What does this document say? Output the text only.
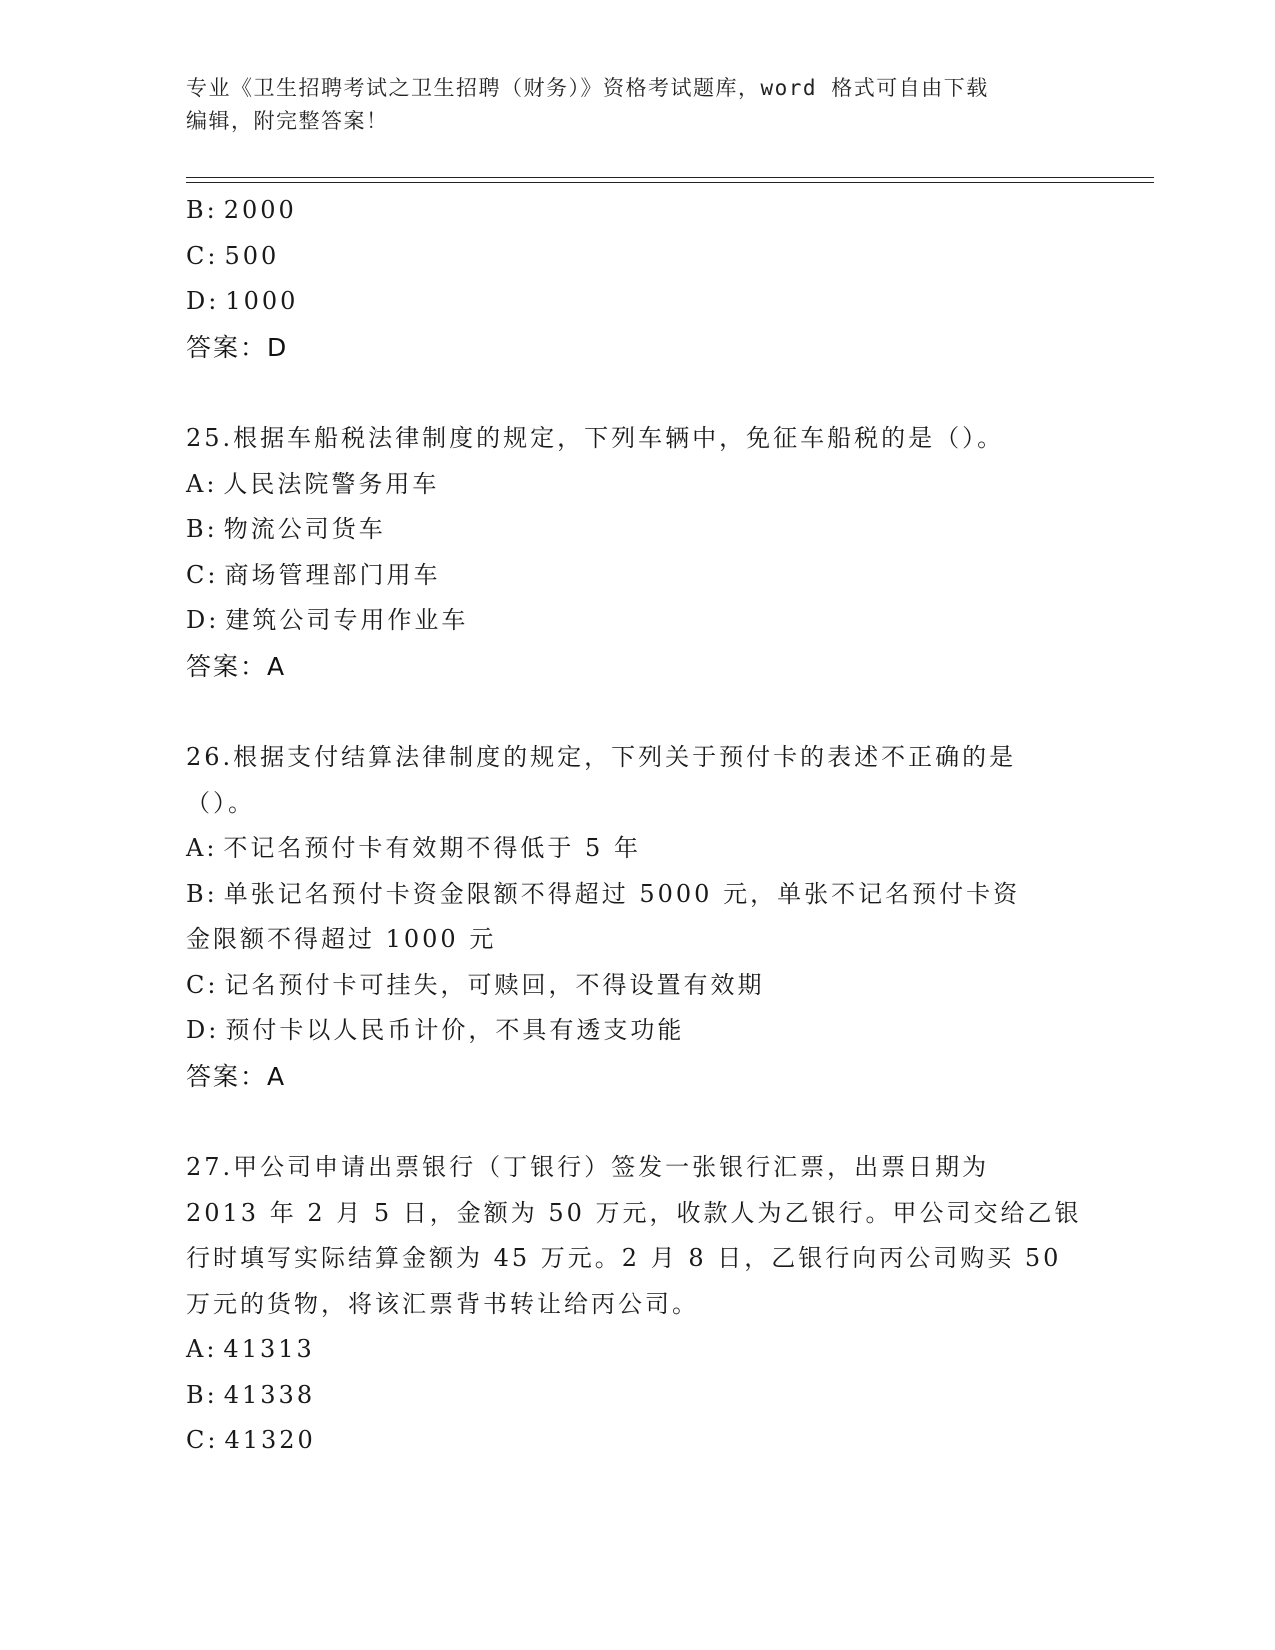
专业《卫生招聘考试之卫生招聘（财务）》资格考试题库，word 格式可自由下载
编辑，附完整答案！
B: 2000
C: 500
D: 1000
答案：D
25.根据车船税法律制度的规定，下列车辆中，免征车船税的是（）。
A: 人民法院警务用车
B: 物流公司货车
C: 商场管理部门用车
D: 建筑公司专用作业车
答案：A
26.根据支付结算法律制度的规定，下列关于预付卡的表述不正确的是
（）。
A: 不记名预付卡有效期不得低于 5 年
B: 单张记名预付卡资金限额不得超过 5000 元，单张不记名预付卡资
金限额不得超过 1000 元
C: 记名预付卡可挂失，可赎回，不得设置有效期
D: 预付卡以人民币计价，不具有透支功能
答案：A
27.甲公司申请出票银行（丁银行）签发一张银行汇票，出票日期为
2013 年 2 月 5 日，金额为 50 万元，收款人为乙银行。甲公司交给乙银
行时填写实际结算金额为 45 万元。2 月 8 日，乙银行向丙公司购买 50
万元的货物，将该汇票背书转让给丙公司。
A: 41313
B: 41338
C: 41320
